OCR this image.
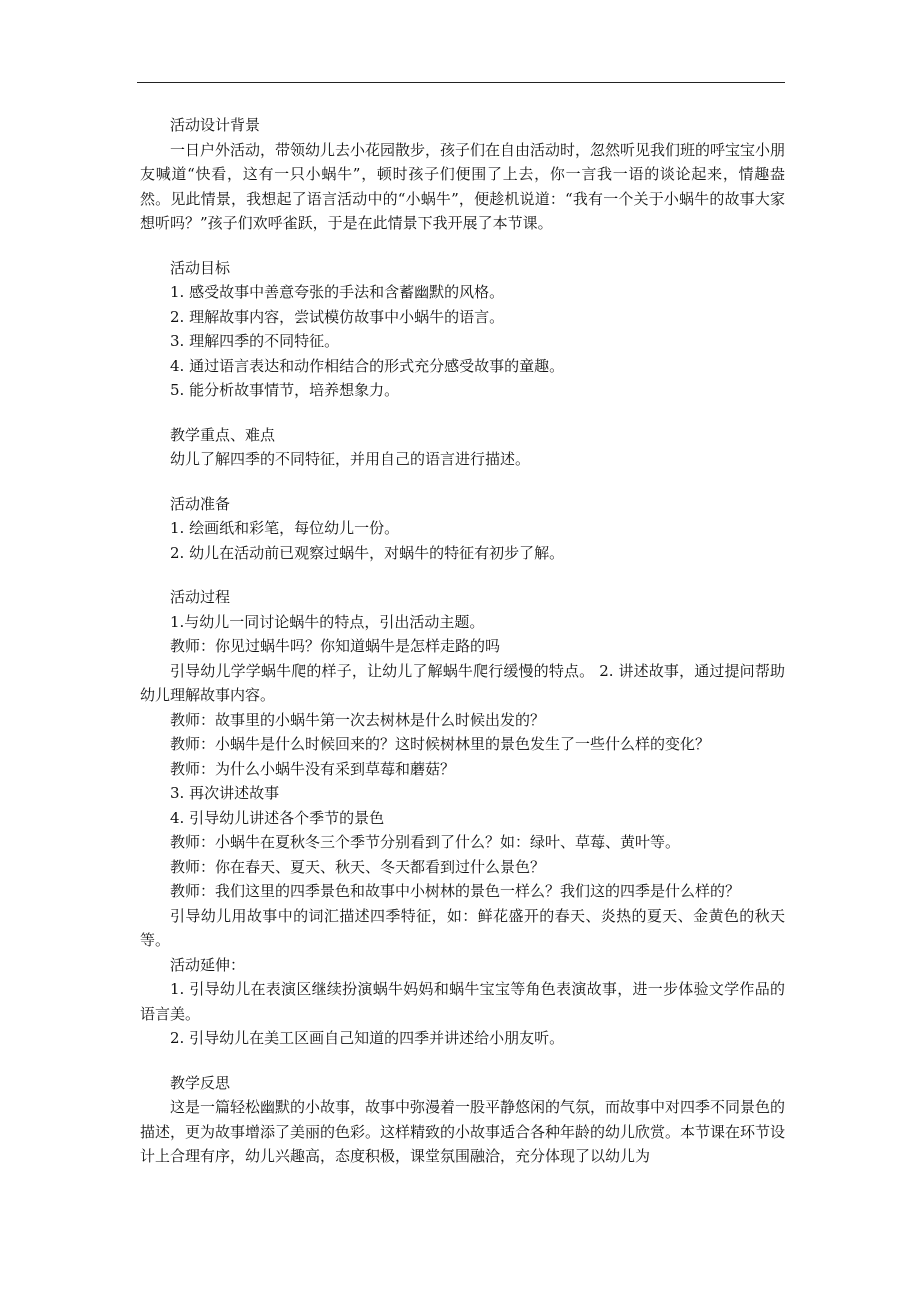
活动设计背景

一日户外活动，带领幼儿去小花园散步，孩子们在自由活动时，忽然听见我们班的呼宝宝小朋友喊道“快看，这有一只小蜗牛”，顿时孩子们便围了上去，你一言我一语的谈论起来，情趣盎然。见此情景，我想起了语言活动中的“小蜗牛”，便趁机说道：“我有一个关于小蜗牛的故事大家想听吗？”孩子们欢呼雀跃，于是在此情景下我开展了本节课。

活动目标

1. 感受故事中善意夸张的手法和含蓄幽默的风格。

2. 理解故事内容，尝试模仿故事中小蜗牛的语言。

3. 理解四季的不同特征。

4. 通过语言表达和动作相结合的形式充分感受故事的童趣。

5. 能分析故事情节，培养想象力。

教学重点、难点

幼儿了解四季的不同特征，并用自己的语言进行描述。

活动准备

1. 绘画纸和彩笔，每位幼儿一份。

2. 幼儿在活动前已观察过蜗牛，对蜗牛的特征有初步了解。

活动过程

1.与幼儿一同讨论蜗牛的特点，引出活动主题。

教师：你见过蜗牛吗？你知道蜗牛是怎样走路的吗

引导幼儿学学蜗牛爬的样子，让幼儿了解蜗牛爬行缓慢的特点。 2. 讲述故事，通过提问帮助幼儿理解故事内容。

教师：故事里的小蜗牛第一次去树林是什么时候出发的？

教师：小蜗牛是什么时候回来的？这时候树林里的景色发生了一些什么样的变化？

教师：为什么小蜗牛没有采到草莓和蘑菇？

3. 再次讲述故事

4. 引导幼儿讲述各个季节的景色

教师：小蜗牛在夏秋冬三个季节分别看到了什么？如：绿叶、草莓、黄叶等。

教师：你在春天、夏天、秋天、冬天都看到过什么景色？

教师：我们这里的四季景色和故事中小树林的景色一样么？我们这的四季是什么样的？

引导幼儿用故事中的词汇描述四季特征，如：鲜花盛开的春天、炎热的夏天、金黄色的秋天等。

活动延伸：

1. 引导幼儿在表演区继续扮演蜗牛妈妈和蜗牛宝宝等角色表演故事，进一步体验文学作品的语言美。

2. 引导幼儿在美工区画自己知道的四季并讲述给小朋友听。

教学反思

这是一篇轻松幽默的小故事，故事中弥漫着一股平静悠闲的气氛，而故事中对四季不同景色的描述，更为故事增添了美丽的色彩。这样精致的小故事适合各种年龄的幼儿欣赏。本节课在环节设计上合理有序，幼儿兴趣高，态度积极，课堂氛围融洽，充分体现了以幼儿为
